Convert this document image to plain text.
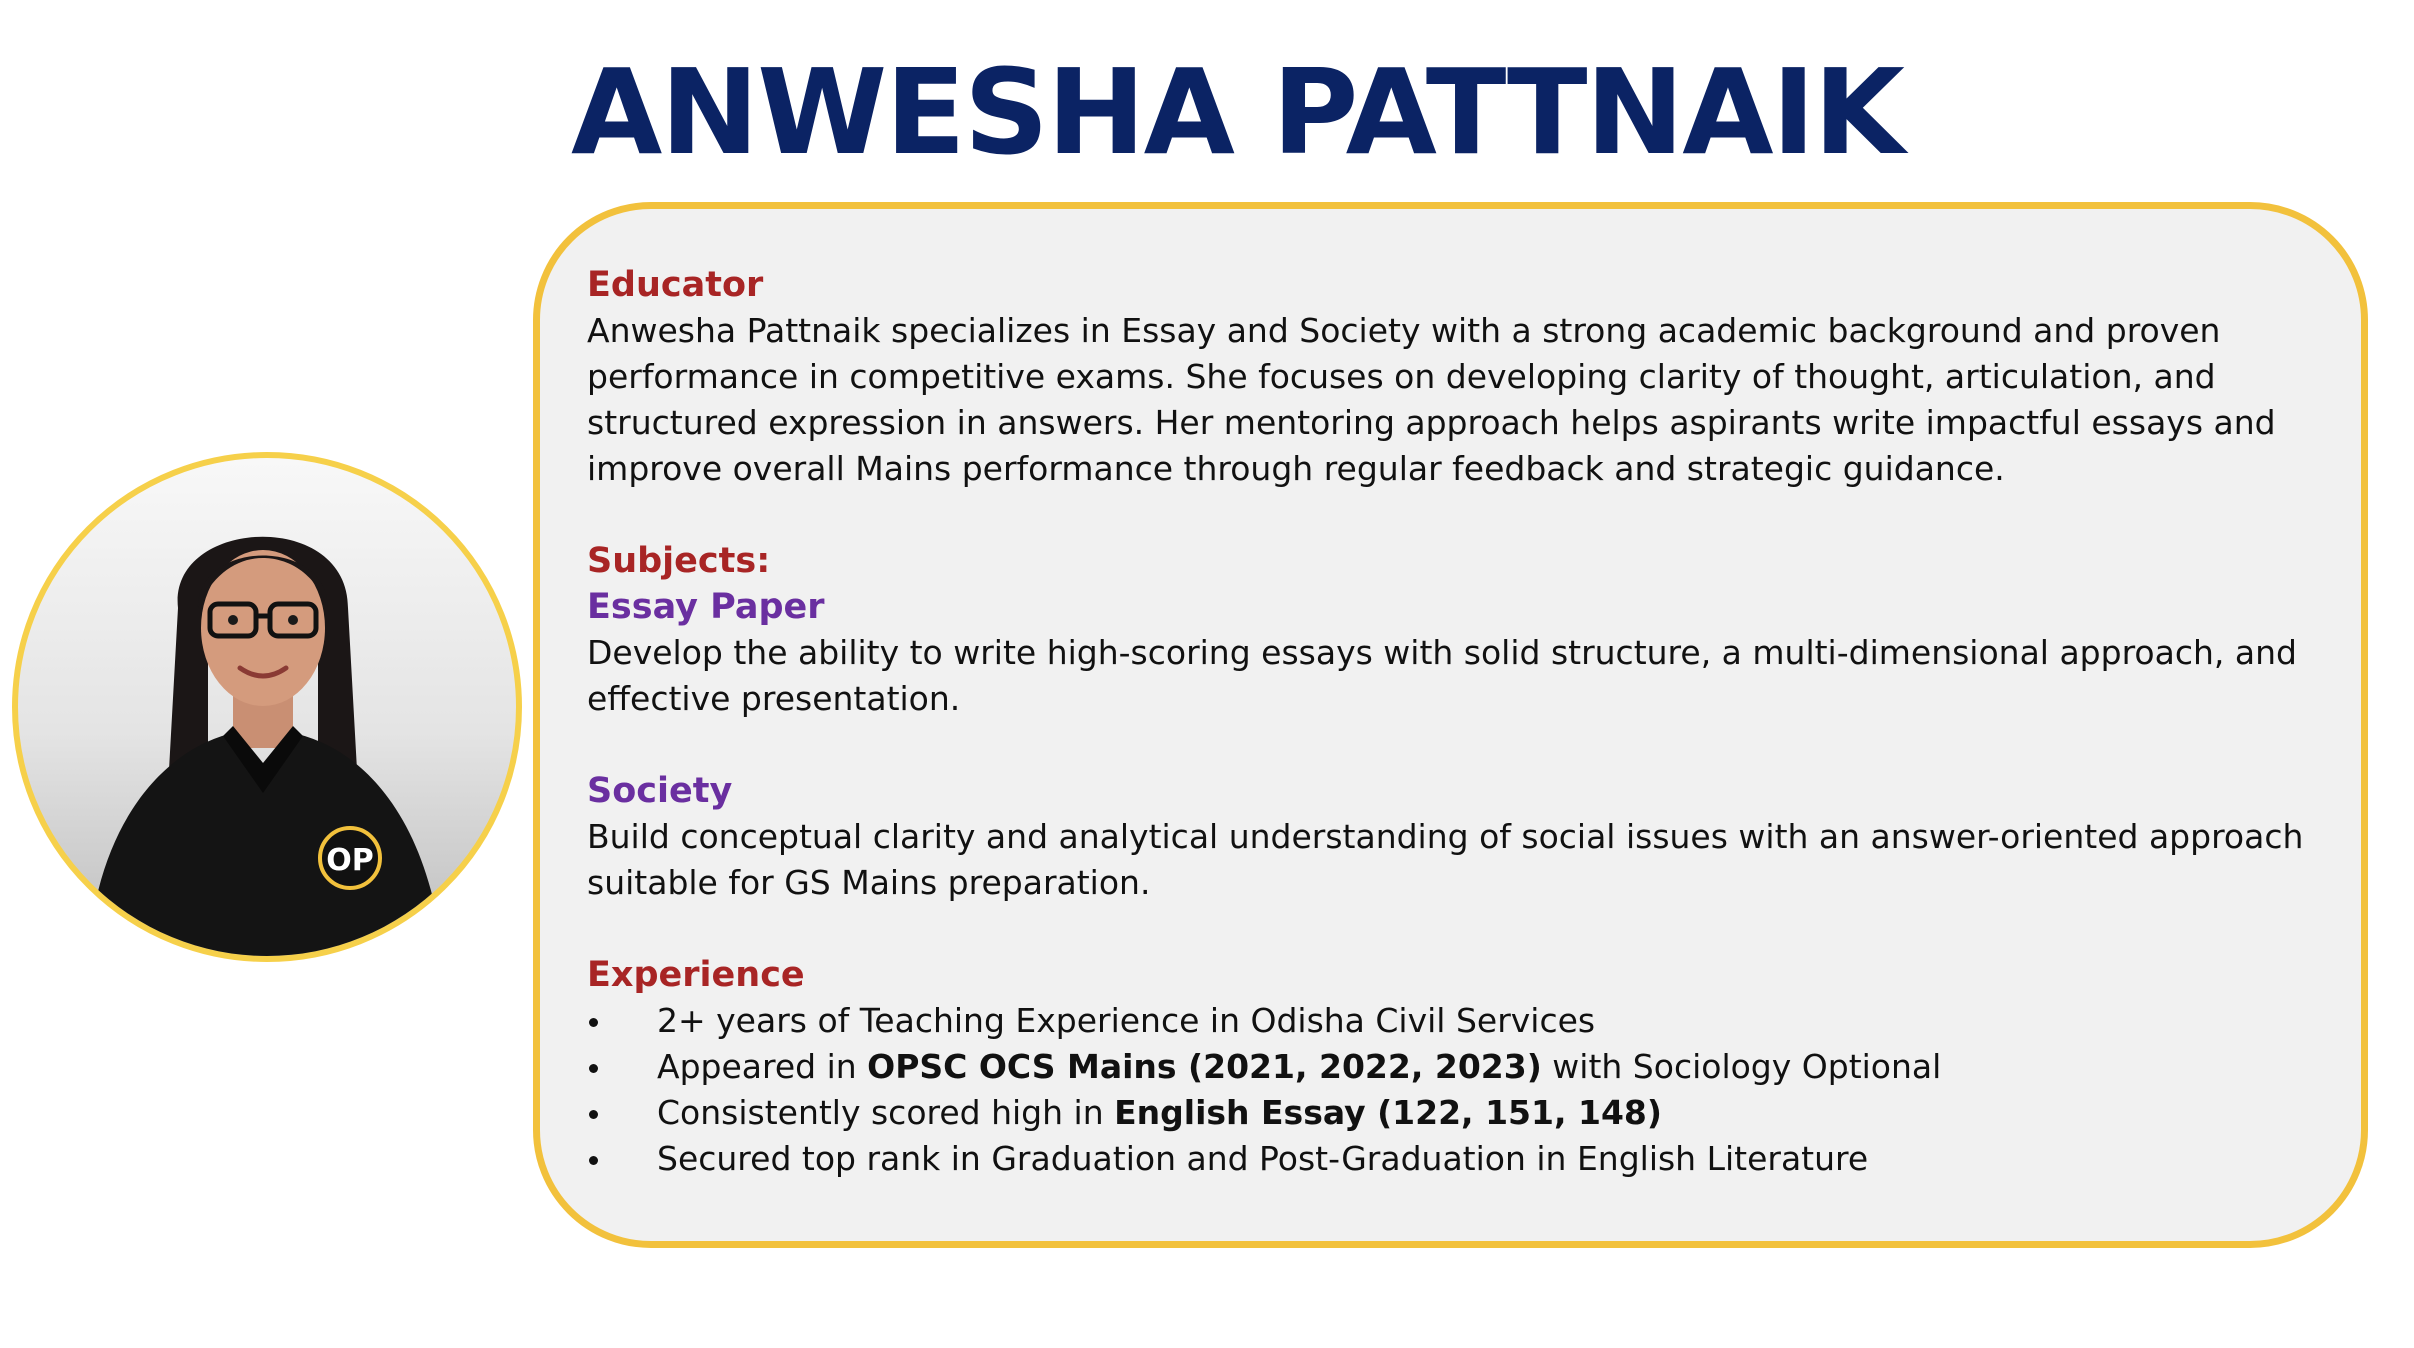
ANWESHA PATTNAIK
OP
Educator
Anwesha Pattnaik specializes in Essay and Society with a strong academic background and proven
performance in competitive exams. She focuses on developing clarity of thought, articulation, and
structured expression in answers. Her mentoring approach helps aspirants write impactful essays and
improve overall Mains performance through regular feedback and strategic guidance.
Subjects:
Essay Paper
Develop the ability to write high-scoring essays with solid structure, a multi-dimensional approach, and
effective presentation.
Society
Build conceptual clarity and analytical understanding of social issues with an answer-oriented approach
suitable for GS Mains preparation.
Experience
2+ years of Teaching Experience in Odisha Civil Services
Appeared in OPSC OCS Mains (2021, 2022, 2023) with Sociology Optional
Consistently scored high in English Essay (122, 151, 148)
Secured top rank in Graduation and Post-Graduation in English Literature
